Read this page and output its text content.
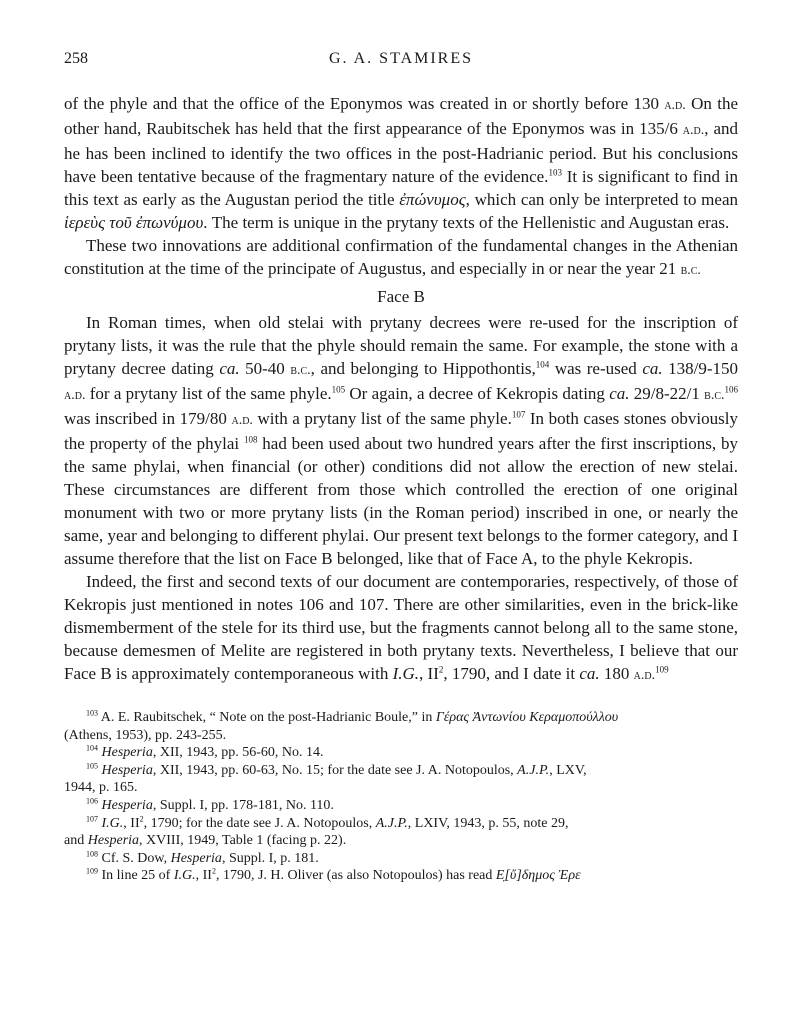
258	G. A. STAMIRES

of the phyle and that the office of the Eponymos was created in or shortly before 130 a.d. On the other hand, Raubitschek has held that the first appearance of the Eponymos was in 135/6 a.d., and he has been inclined to identify the two offices in the post-Hadrianic period. But his conclusions have been tentative because of the fragmentary nature of the evidence.$^{103}$ It is significant to find in this text as early as the Augustan period the title ἐπώνυμος, which can only be interpreted to mean ἱερεὺς τοῦ ἐπωνύμου. The term is unique in the prytany texts of the Hellenistic and Augustan eras.

These two innovations are additional confirmation of the fundamental changes in the Athenian constitution at the time of the principate of Augustus, and especially in or near the year 21 b.c.

Face B

In Roman times, when old stelai with prytany decrees were re-used for the inscription of prytany lists, it was the rule that the phyle should remain the same. For example, the stone with a prytany decree dating ca. 50-40 b.c., and belonging to Hippothontis,$^{104}$ was re-used ca. 138/9-150 a.d. for a prytany list of the same phyle.$^{105}$ Or again, a decree of Kekropis dating ca. 29/8-22/1 b.c.$^{106}$ was inscribed in 179/80 a.d. with a prytany list of the same phyle.$^{107}$ In both cases stones obviously the property of the phylai $^{108}$ had been used about two hundred years after the first inscriptions, by the same phylai, when financial (or other) conditions did not allow the erection of new stelai. These circumstances are different from those which controlled the erection of one original monument with two or more prytany lists (in the Roman period) inscribed in one, or nearly the same, year and belonging to different phylai. Our present text belongs to the former category, and I assume therefore that the list on Face B belonged, like that of Face A, to the phyle Kekropis.

Indeed, the first and second texts of our document are contemporaries, respectively, of those of Kekropis just mentioned in notes 106 and 107. There are other similarities, even in the brick-like dismemberment of the stele for its third use, but the fragments cannot belong all to the same stone, because demesmen of Melite are registered in both prytany texts. Nevertheless, I believe that our Face B is approximately contemporaneous with I.G., $II^2$, 1790, and I date it ca. 180 a.d.$^{109}$

$^{103}$ A. E. Raubitschek, “ Note on the post-Hadrianic Boule,” in Γέρας Ἀντωνίου Κεραμοπούλλου

(Athens, 1953), pp. 243-255.

$^{104}$ Hesperia, XII, 1943, pp. 56-60, No. 14.

$^{105}$ Hesperia, XII, 1943, pp. 60-63, No. 15; for the date see J. A. Notopoulos, A.J.P., LXV,

1944, p. 165.

$^{106}$ Hesperia, Suppl. I, pp. 178-181, No. 110.

$^{107}$ I.G., $II^2$, 1790; for the date see J. A. Notopoulos, A.J.P., LXIV, 1943, p. 55, note 29,

and Hesperia, XVIII, 1949, Table 1 (facing p. 22).

$^{108}$ Cf. S. Dow, Hesperia, Suppl. I, p. 181.

$^{109}$ In line 25 of I.G., $II^2$, 1790, J. H. Oliver (as also Notopoulos) has read Ε̣[ὔ]δημος Ἐρε
